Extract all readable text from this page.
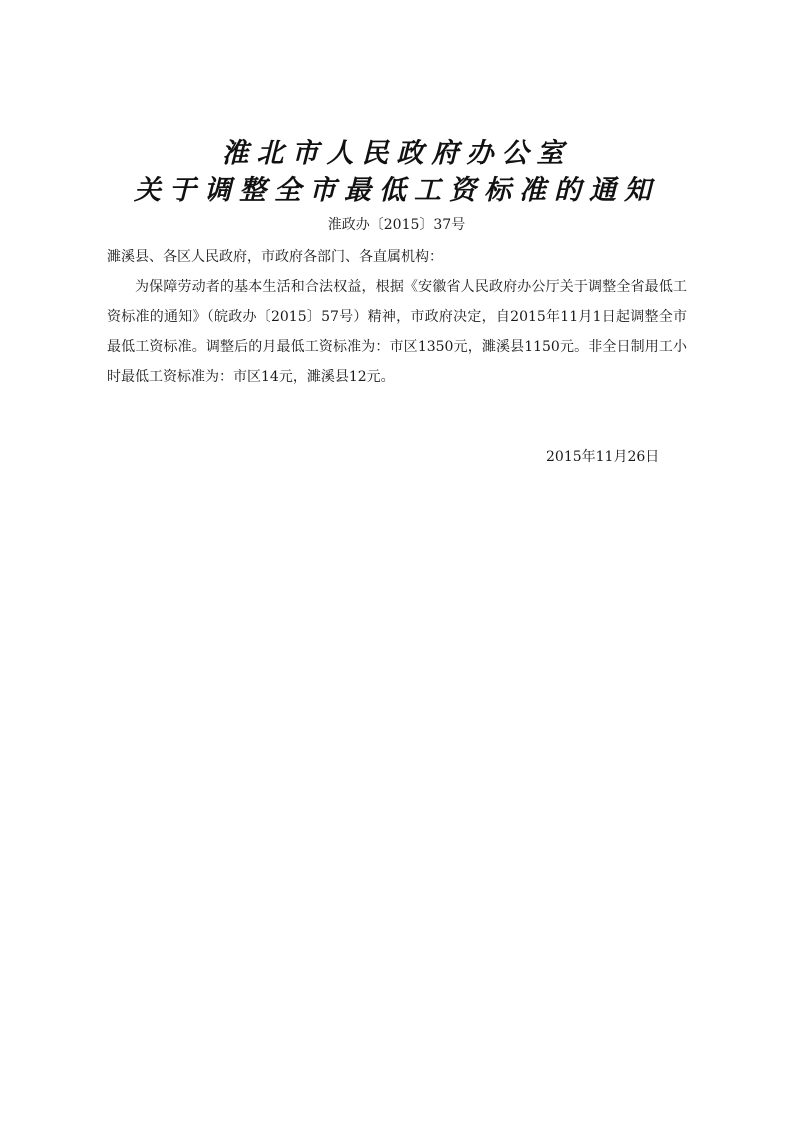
淮北市人民政府办公室
关于调整全市最低工资标准的通知
淮政办〔2015〕37号
濉溪县、各区人民政府，市政府各部门、各直属机构：
为保障劳动者的基本生活和合法权益，根据《安徽省人民政府办公厅关于调整全省最低工资标准的通知》（皖政办〔2015〕57号）精神，市政府决定，自2015年11月1日起调整全市最低工资标准。调整后的月最低工资标准为：市区1350元，濉溪县1150元。非全日制用工小时最低工资标准为：市区14元，濉溪县12元。
2015年11月26日
